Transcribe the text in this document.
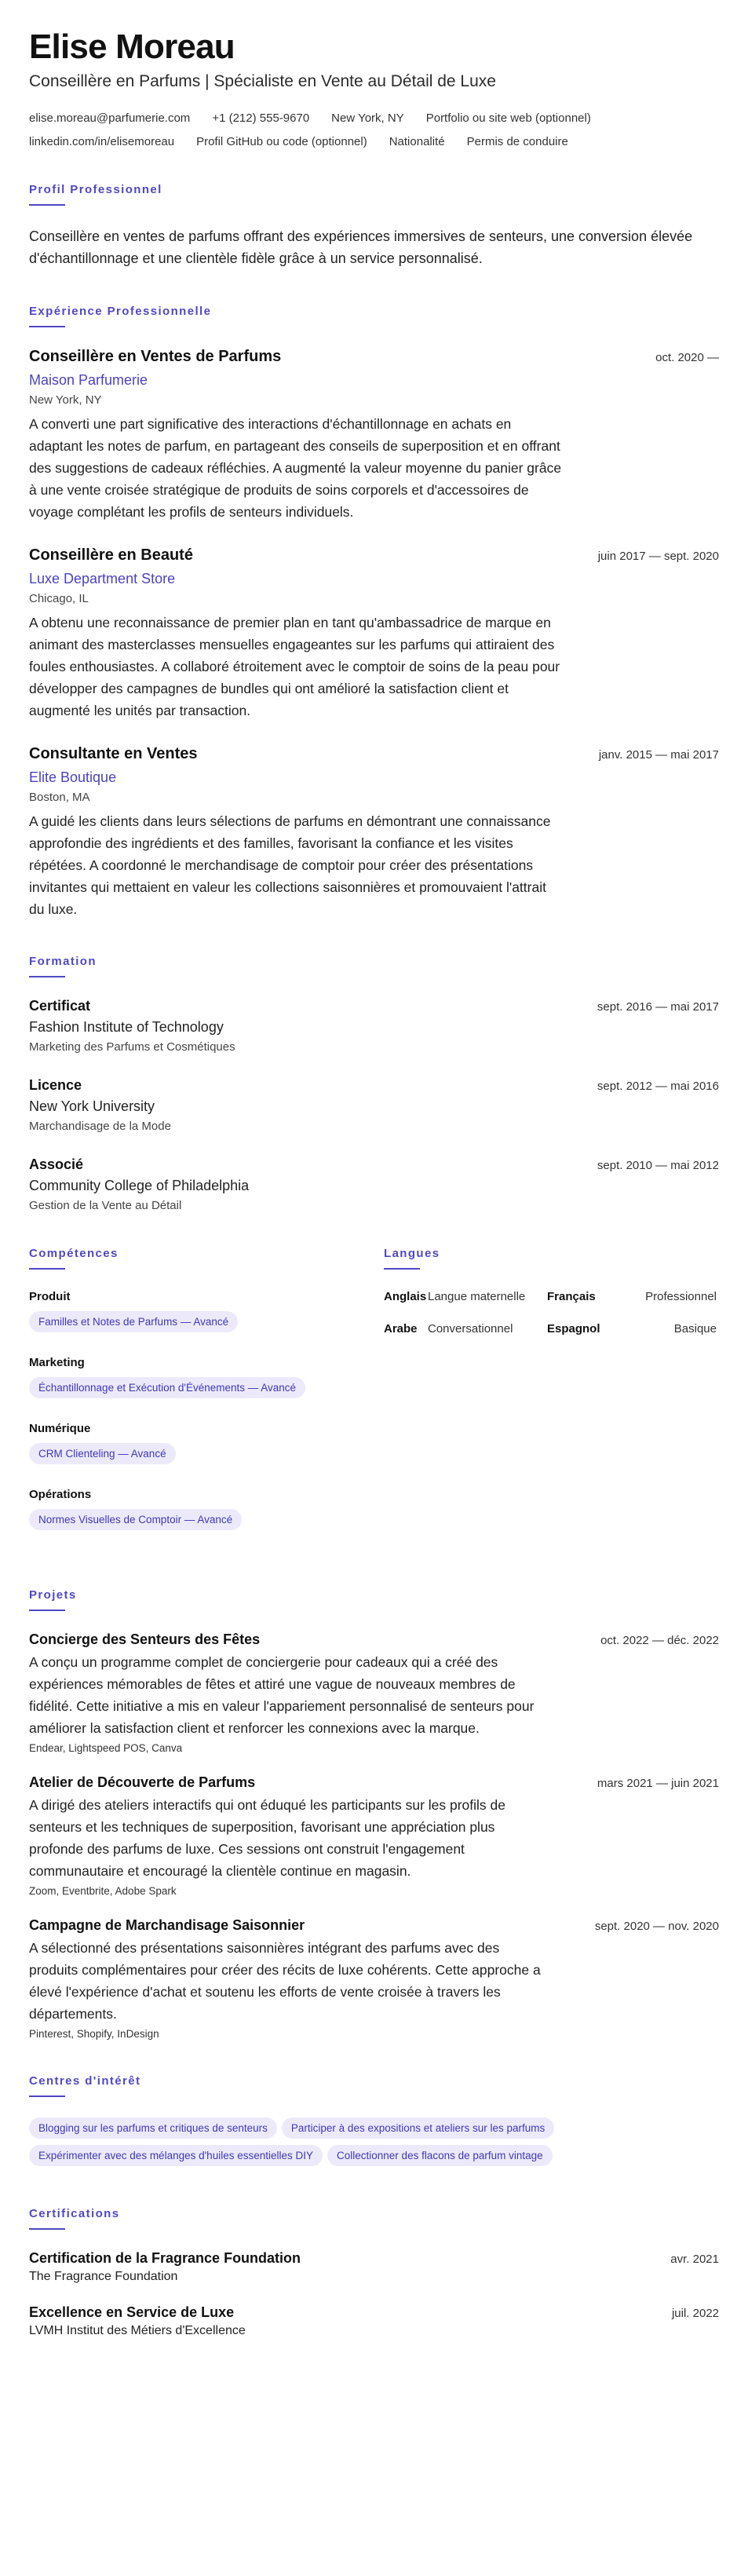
Elise Moreau
Conseillère en Parfums | Spécialiste en Vente au Détail de Luxe
elise.moreau@parfumerie.com +1 (212) 555-9670 New York, NY Portfolio ou site web (optionnel)
linkedin.com/in/elisemoreau Profil GitHub ou code (optionnel) Nationalité Permis de conduire
Profil Professionnel

Conseillère en ventes de parfums offrant des expériences immersives de senteurs, une conversion élevée d'échantillonnage et une clientèle fidèle grâce à un service personnalisé.

Expérience Professionnelle
Conseillère en Ventes de Parfums	oct. 2020 —
Maison Parfumerie
New York, NY

A converti une part significative des interactions d'échantillonnage en achats en adaptant les notes de parfum, en partageant des conseils de superposition et en offrant des suggestions de cadeaux réfléchies. A augmenté la valeur moyenne du panier grâce à une vente croisée stratégique de produits de soins corporels et d'accessoires de voyage complétant les profils de senteurs individuels.

Conseillère en Beauté	juin 2017 — sept. 2020
Luxe Department Store
Chicago, IL

A obtenu une reconnaissance de premier plan en tant qu'ambassadrice de marque en animant des masterclasses mensuelles engageantes sur les parfums qui attiraient des foules enthousiastes. A collaboré étroitement avec le comptoir de soins de la peau pour développer des campagnes de bundles qui ont amélioré la satisfaction client et augmenté les unités par transaction.

Consultante en Ventes	janv. 2015 — mai 2017
Elite Boutique
Boston, MA

A guidé les clients dans leurs sélections de parfums en démontrant une connaissance approfondie des ingrédients et des familles, favorisant la confiance et les visites répétées. A coordonné le merchandisage de comptoir pour créer des présentations invitantes qui mettaient en valeur les collections saisonnières et promouvaient l'attrait du luxe.

Formation
Certificat	sept. 2016 — mai 2017
Fashion Institute of Technology
Marketing des Parfums et Cosmétiques
Licence	sept. 2012 — mai 2016
New York University
Marchandisage de la Mode
Associé	sept. 2010 — mai 2012
Community College of Philadelphia
Gestion de la Vente au Détail
Compétences
Produit
Familles et Notes de Parfums — Avancé
Marketing
Échantillonnage et Exécution d'Événements — Avancé
Numérique
CRM Clienteling — Avancé
Opérations
Normes Visuelles de Comptoir — Avancé
Langues
Anglais Langue maternelle	Français	Professionnel
Arabe Conversationnel	Espagnol	Basique
Projets
Concierge des Senteurs des Fêtes	oct. 2022 — déc. 2022

A conçu un programme complet de conciergerie pour cadeaux qui a créé des expériences mémorables de fêtes et attiré une vague de nouveaux membres de fidélité. Cette initiative a mis en valeur l'appariement personnalisé de senteurs pour améliorer la satisfaction client et renforcer les connexions avec la marque.

Endear, Lightspeed POS, Canva
Atelier de Découverte de Parfums	mars 2021 — juin 2021

A dirigé des ateliers interactifs qui ont éduqué les participants sur les profils de senteurs et les techniques de superposition, favorisant une appréciation plus profonde des parfums de luxe. Ces sessions ont construit l'engagement communautaire et encouragé la clientèle continue en magasin.

Zoom, Eventbrite, Adobe Spark
Campagne de Marchandisage Saisonnier	sept. 2020 — nov. 2020

A sélectionné des présentations saisonnières intégrant des parfums avec des produits complémentaires pour créer des récits de luxe cohérents. Cette approche a élevé l'expérience d'achat et soutenu les efforts de vente croisée à travers les départements.

Pinterest, Shopify, InDesign
Centres d'intérêt
Blogging sur les parfums et critiques de senteurs	Participer à des expositions et ateliers sur les parfums
Expérimenter avec des mélanges d'huiles essentielles DIY	Collectionner des flacons de parfum vintage
Certifications
Certification de la Fragrance Foundation	avr. 2021
The Fragrance Foundation
Excellence en Service de Luxe	juil. 2022
LVMH Institut des Métiers d'Excellence
